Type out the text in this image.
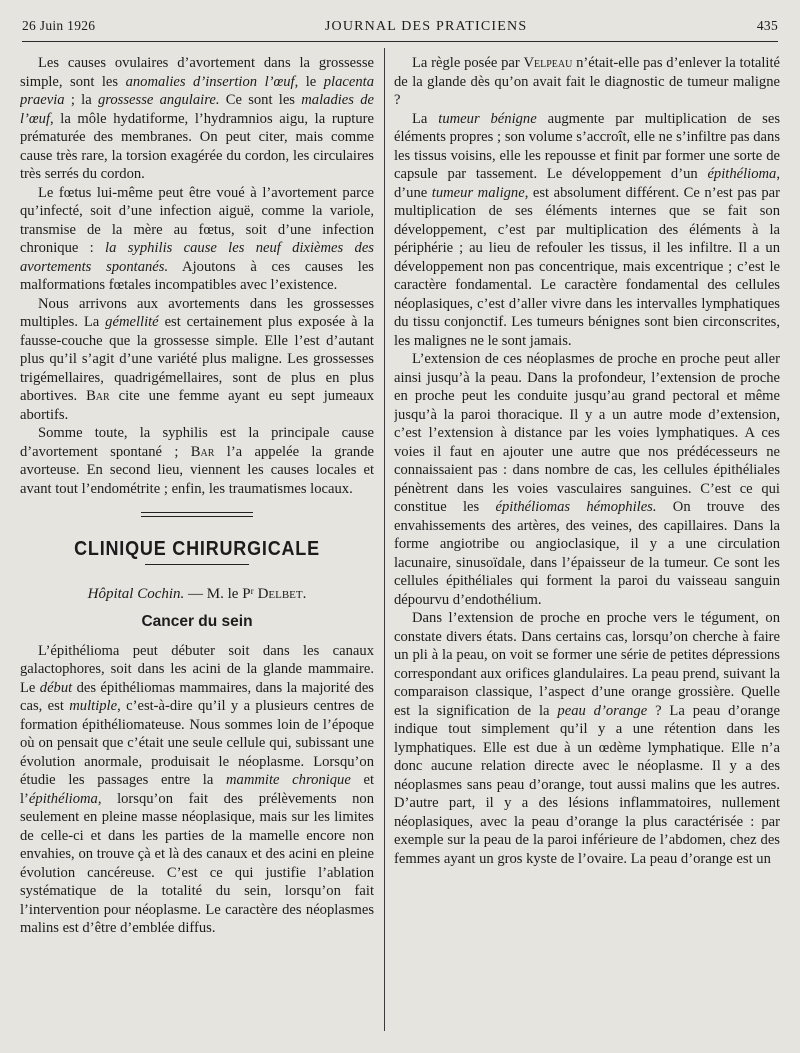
26 Juin 1926	JOURNAL DES PRATICIENS	435

Les causes ovulaires d’avortement dans la grossesse simple, sont les anomalies d’insertion l’œuf, le placenta praevia ; la grossesse angulaire. Ce sont les maladies de l’œuf, la môle hydatiforme, l’hydramnios aigu, la rupture prématurée des membranes. On peut citer, mais comme cause très rare, la torsion exagérée du cordon, les circulaires très serrés du cordon.

Le fœtus lui-même peut être voué à l’avortement parce qu’infecté, soit d’une infection aiguë, comme la variole, transmise de la mère au fœtus, soit d’une infection chronique : la syphilis cause les neuf dixièmes des avortements spontanés. Ajoutons à ces causes les malformations fœtales incompatibles avec l’existence.

Nous arrivons aux avortements dans les grossesses multiples. La gémellité est certainement plus exposée à la fausse-couche que la grossesse simple. Elle l’est d’autant plus qu’il s’agit d’une variété plus maligne. Les grossesses trigémellaires, quadrigémellaires, sont de plus en plus abortives. Bar cite une femme ayant eu sept jumeaux abortifs.

Somme toute, la syphilis est la principale cause d’avortement spontané ; Bar l’a appelée la grande avorteuse. En second lieu, viennent les causes locales et avant tout l’endométrite ; enfin, les traumatismes locaux.

CLINIQUE CHIRURGICALE
Hôpital Cochin. — M. le Pʳ Delbet.
Cancer du sein

L’épithélioma peut débuter soit dans les canaux galactophores, soit dans les acini de la glande mammaire. Le début des épithéliomas mammaires, dans la majorité des cas, est multiple, c’est-à-dire qu’il y a plusieurs centres de formation épithéliomateuse. Nous sommes loin de l’époque où on pensait que c’était une seule cellule qui, subissant une évolution anormale, produisait le néoplasme. Lorsqu’on étudie les passages entre la mammite chronique et l’épithélioma, lorsqu’on fait des prélèvements non seulement en pleine masse néoplasique, mais sur les limites de celle-ci et dans les parties de la mamelle encore non envahies, on trouve çà et là des canaux et des acini en pleine évolution cancéreuse. C’est ce qui justifie l’ablation systématique de la totalité du sein, lorsqu’on fait l’intervention pour néoplasme. Le caractère des néoplasmes malins est d’être d’emblée diffus.

La règle posée par Velpeau n’était-elle pas d’enlever la totalité de la glande dès qu’on avait fait le diagnostic de tumeur maligne ?

La tumeur bénigne augmente par multiplication de ses éléments propres ; son volume s’accroît, elle ne s’infiltre pas dans les tissus voisins, elle les repousse et finit par former une sorte de capsule par tassement. Le développement d’un épithélioma, d’une tumeur maligne, est absolument différent. Ce n’est pas par multiplication de ses éléments internes que se fait son développement, c’est par multiplication des éléments à la périphérie ; au lieu de refouler les tissus, il les infiltre. Il a un développement non pas concentrique, mais excentrique ; c’est le caractère fondamental. Le caractère fondamental des cellules néoplasiques, c’est d’aller vivre dans les intervalles lymphatiques du tissu conjonctif. Les tumeurs bénignes sont bien circonscrites, les malignes ne le sont jamais.

L’extension de ces néoplasmes de proche en proche peut aller ainsi jusqu’à la peau. Dans la profondeur, l’extension de proche en proche peut les conduite jusqu’au grand pectoral et même jusqu’à la paroi thoracique. Il y a un autre mode d’extension, c’est l’extension à distance par les voies lymphatiques. A ces voies il faut en ajouter une autre que nos prédécesseurs ne connaissaient pas : dans nombre de cas, les cellules épithéliales pénètrent dans les voies vasculaires sanguines. C’est ce qui constitue les épithéliomas hémophiles. On trouve des envahissements des artères, des veines, des capillaires. Dans la forme angiotribe ou angioclasique, il y a une circulation lacunaire, sinusoïdale, dans l’épaisseur de la tumeur. Ce sont les cellules épithéliales qui forment la paroi du vaisseau sanguin dépourvu d’endothélium.

Dans l’extension de proche en proche vers le tégument, on constate divers états. Dans certains cas, lorsqu’on cherche à faire un pli à la peau, on voit se former une série de petites dépressions correspondant aux orifices glandulaires. La peau prend, suivant la comparaison classique, l’aspect d’une orange grossière. Quelle est la signification de la peau d’orange ? La peau d’orange indique tout simplement qu’il y a une rétention dans les lymphatiques. Elle est due à un œdème lymphatique. Elle n’a donc aucune relation directe avec le néoplasme. Il y a des néoplasmes sans peau d’orange, tout aussi malins que les autres. D’autre part, il y a des lésions inflammatoires, nullement néoplasiques, avec la peau d’orange la plus caractérisée : par exemple sur la peau de la paroi inférieure de l’abdomen, chez des femmes ayant un gros kyste de l’ovaire. La peau d’orange est un
